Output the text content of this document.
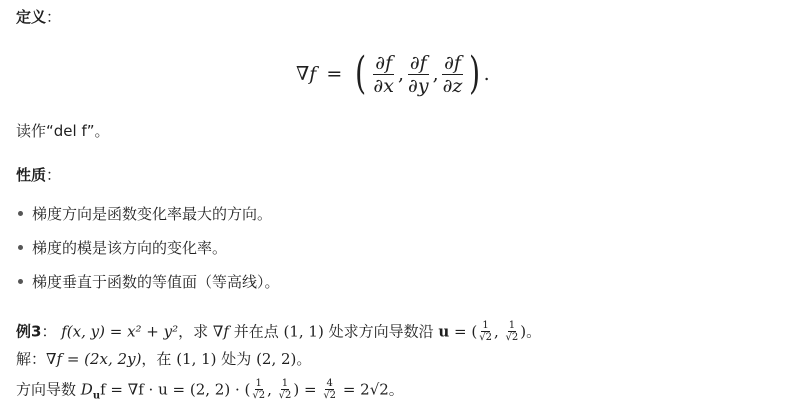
定义：
∇f = ( $\frac{\partial f}{\partial x}$ , $\frac{\partial f}{\partial y}$ , $\frac{\partial f}{\partial z}$ ) .
读作“del f”。
性质：
梯度方向是函数变化率最大的方向。
梯度的模是该方向的变化率。
梯度垂直于函数的等值面（等高线）。
例3： f(x, y) = x² + y²，求 ∇f 并在点 (1, 1) 处求方向导数沿 u = ( $\frac{1}{√2}$ , $\frac{1}{√2}$ )。
解：∇f = (2x, 2y)，在 (1, 1) 处为 (2, 2)。
方向导数 $D_uf = \nabla f \cdot u = (2$, 2) · ( $\frac{1}{√2}$ , $\frac{1}{√2}$ ) = $\frac{4}{√2} = 2√2$。
